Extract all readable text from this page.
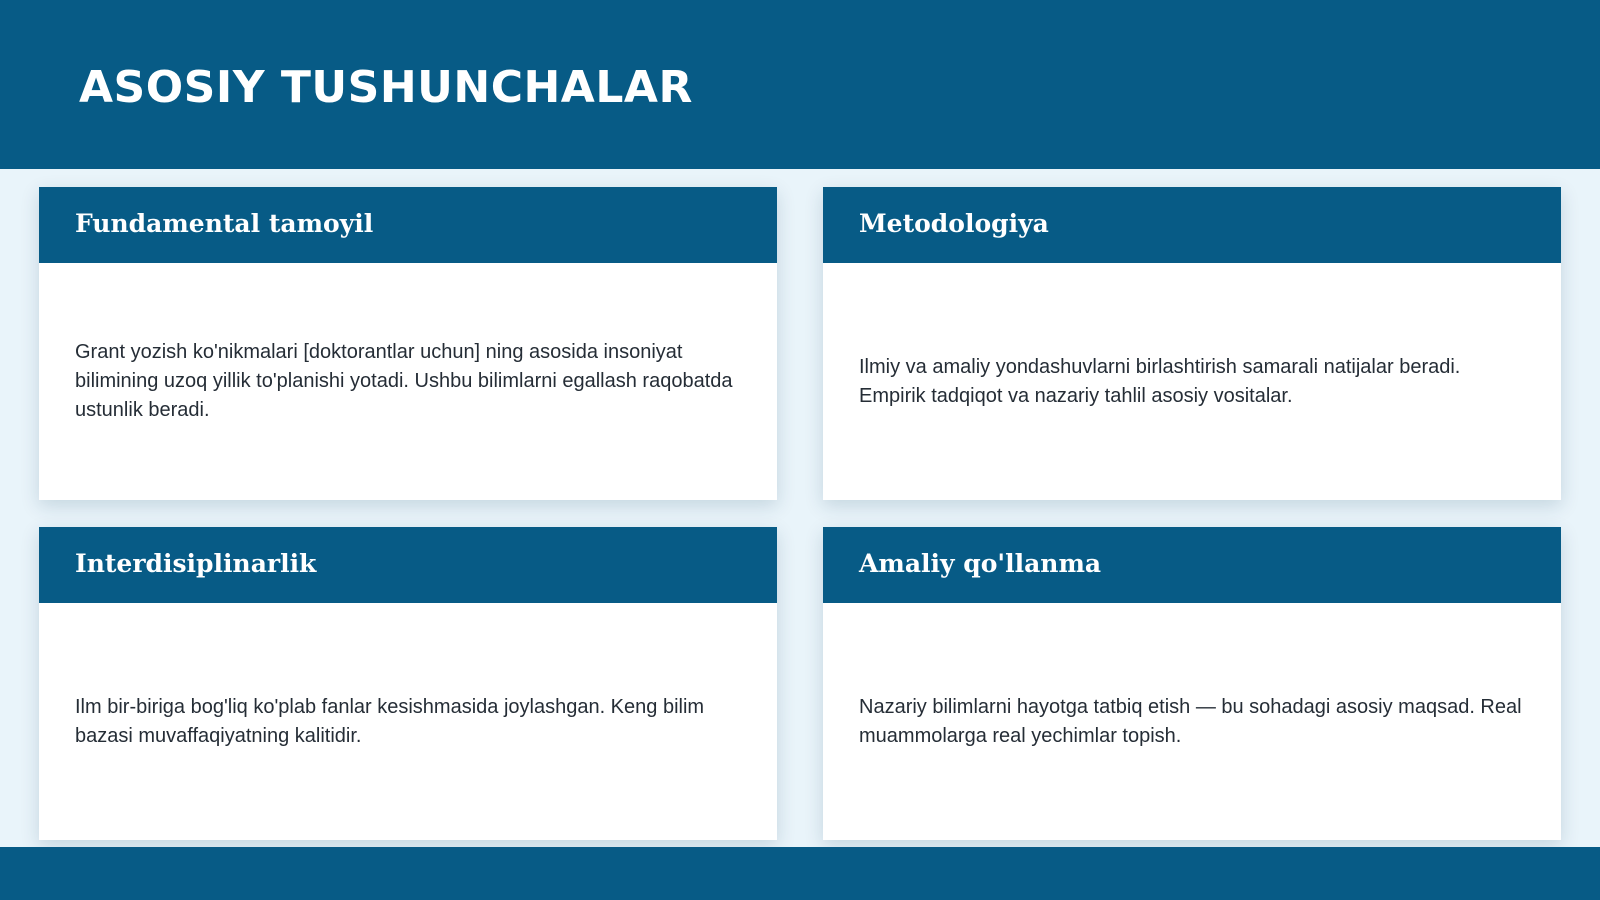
ASOSIY TUSHUNCHALAR
Fundamental tamoyil

Grant yozish ko'nikmalari [doktorantlar uchun] ning asosida insoniyat bilimining uzoq yillik to'planishi yotadi. Ushbu bilimlarni egallash raqobatda ustunlik beradi.

Metodologiya

Ilmiy va amaliy yondashuvlarni birlashtirish samarali natijalar beradi. Empirik tadqiqot va nazariy tahlil asosiy vositalar.

Interdisiplinarlik

Ilm bir-biriga bog'liq ko'plab fanlar kesishmasida joylashgan. Keng bilim bazasi muvaffaqiyatning kalitidir.

Amaliy qo'llanma

Nazariy bilimlarni hayotga tatbiq etish — bu sohadagi asosiy maqsad. Real muammolarga real yechimlar topish.
